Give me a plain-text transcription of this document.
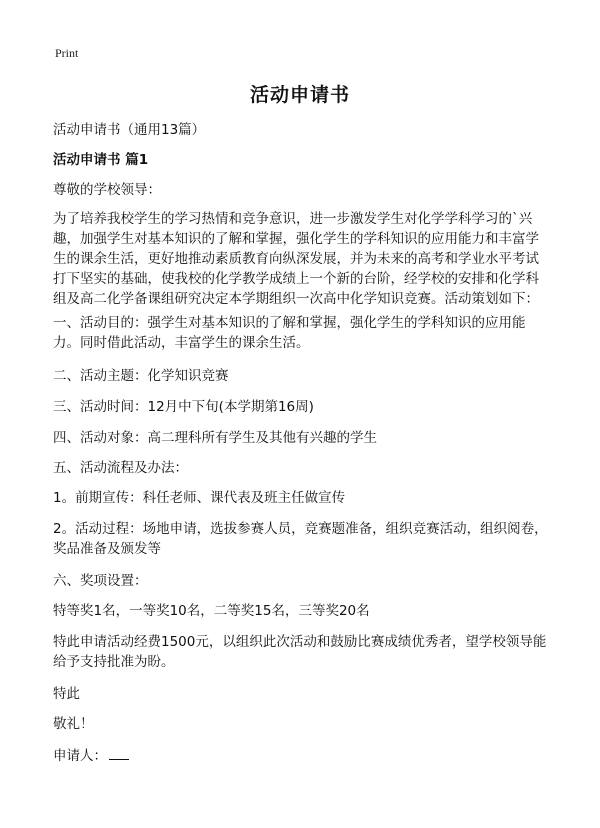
Print
活动申请书

活动申请书（通用13篇）

活动申请书 篇1

尊敬的学校领导：

为了培养我校学生的学习热情和竞争意识，进一步激发学生对化学学科学习的`兴趣，加强学生对基本知识的了解和掌握，强化学生的学科知识的应用能力和丰富学生的课余生活，更好地推动素质教育向纵深发展，并为未来的高考和学业水平考试打下坚实的基础，使我校的化学教学成绩上一个新的台阶，经学校的安排和化学科组及高二化学备课组研究决定本学期组织一次高中化学知识竞赛。活动策划如下：

一、活动目的：强学生对基本知识的了解和掌握，强化学生的学科知识的应用能力。同时借此活动，丰富学生的课余生活。

二、活动主题：化学知识竞赛

三、活动时间：12月中下旬(本学期第16周)

四、活动对象：高二理科所有学生及其他有兴趣的学生

五、活动流程及办法：

1。前期宣传：科任老师、课代表及班主任做宣传

2。活动过程：场地申请，选拔参赛人员，竞赛题准备，组织竞赛活动，组织阅卷，奖品准备及颁发等

六、奖项设置：

特等奖1名，一等奖10名，二等奖15名，三等奖20名

特此申请活动经费1500元，以组织此次活动和鼓励比赛成绩优秀者，望学校领导能给予支持批准为盼。

特此

敬礼！

申请人：
